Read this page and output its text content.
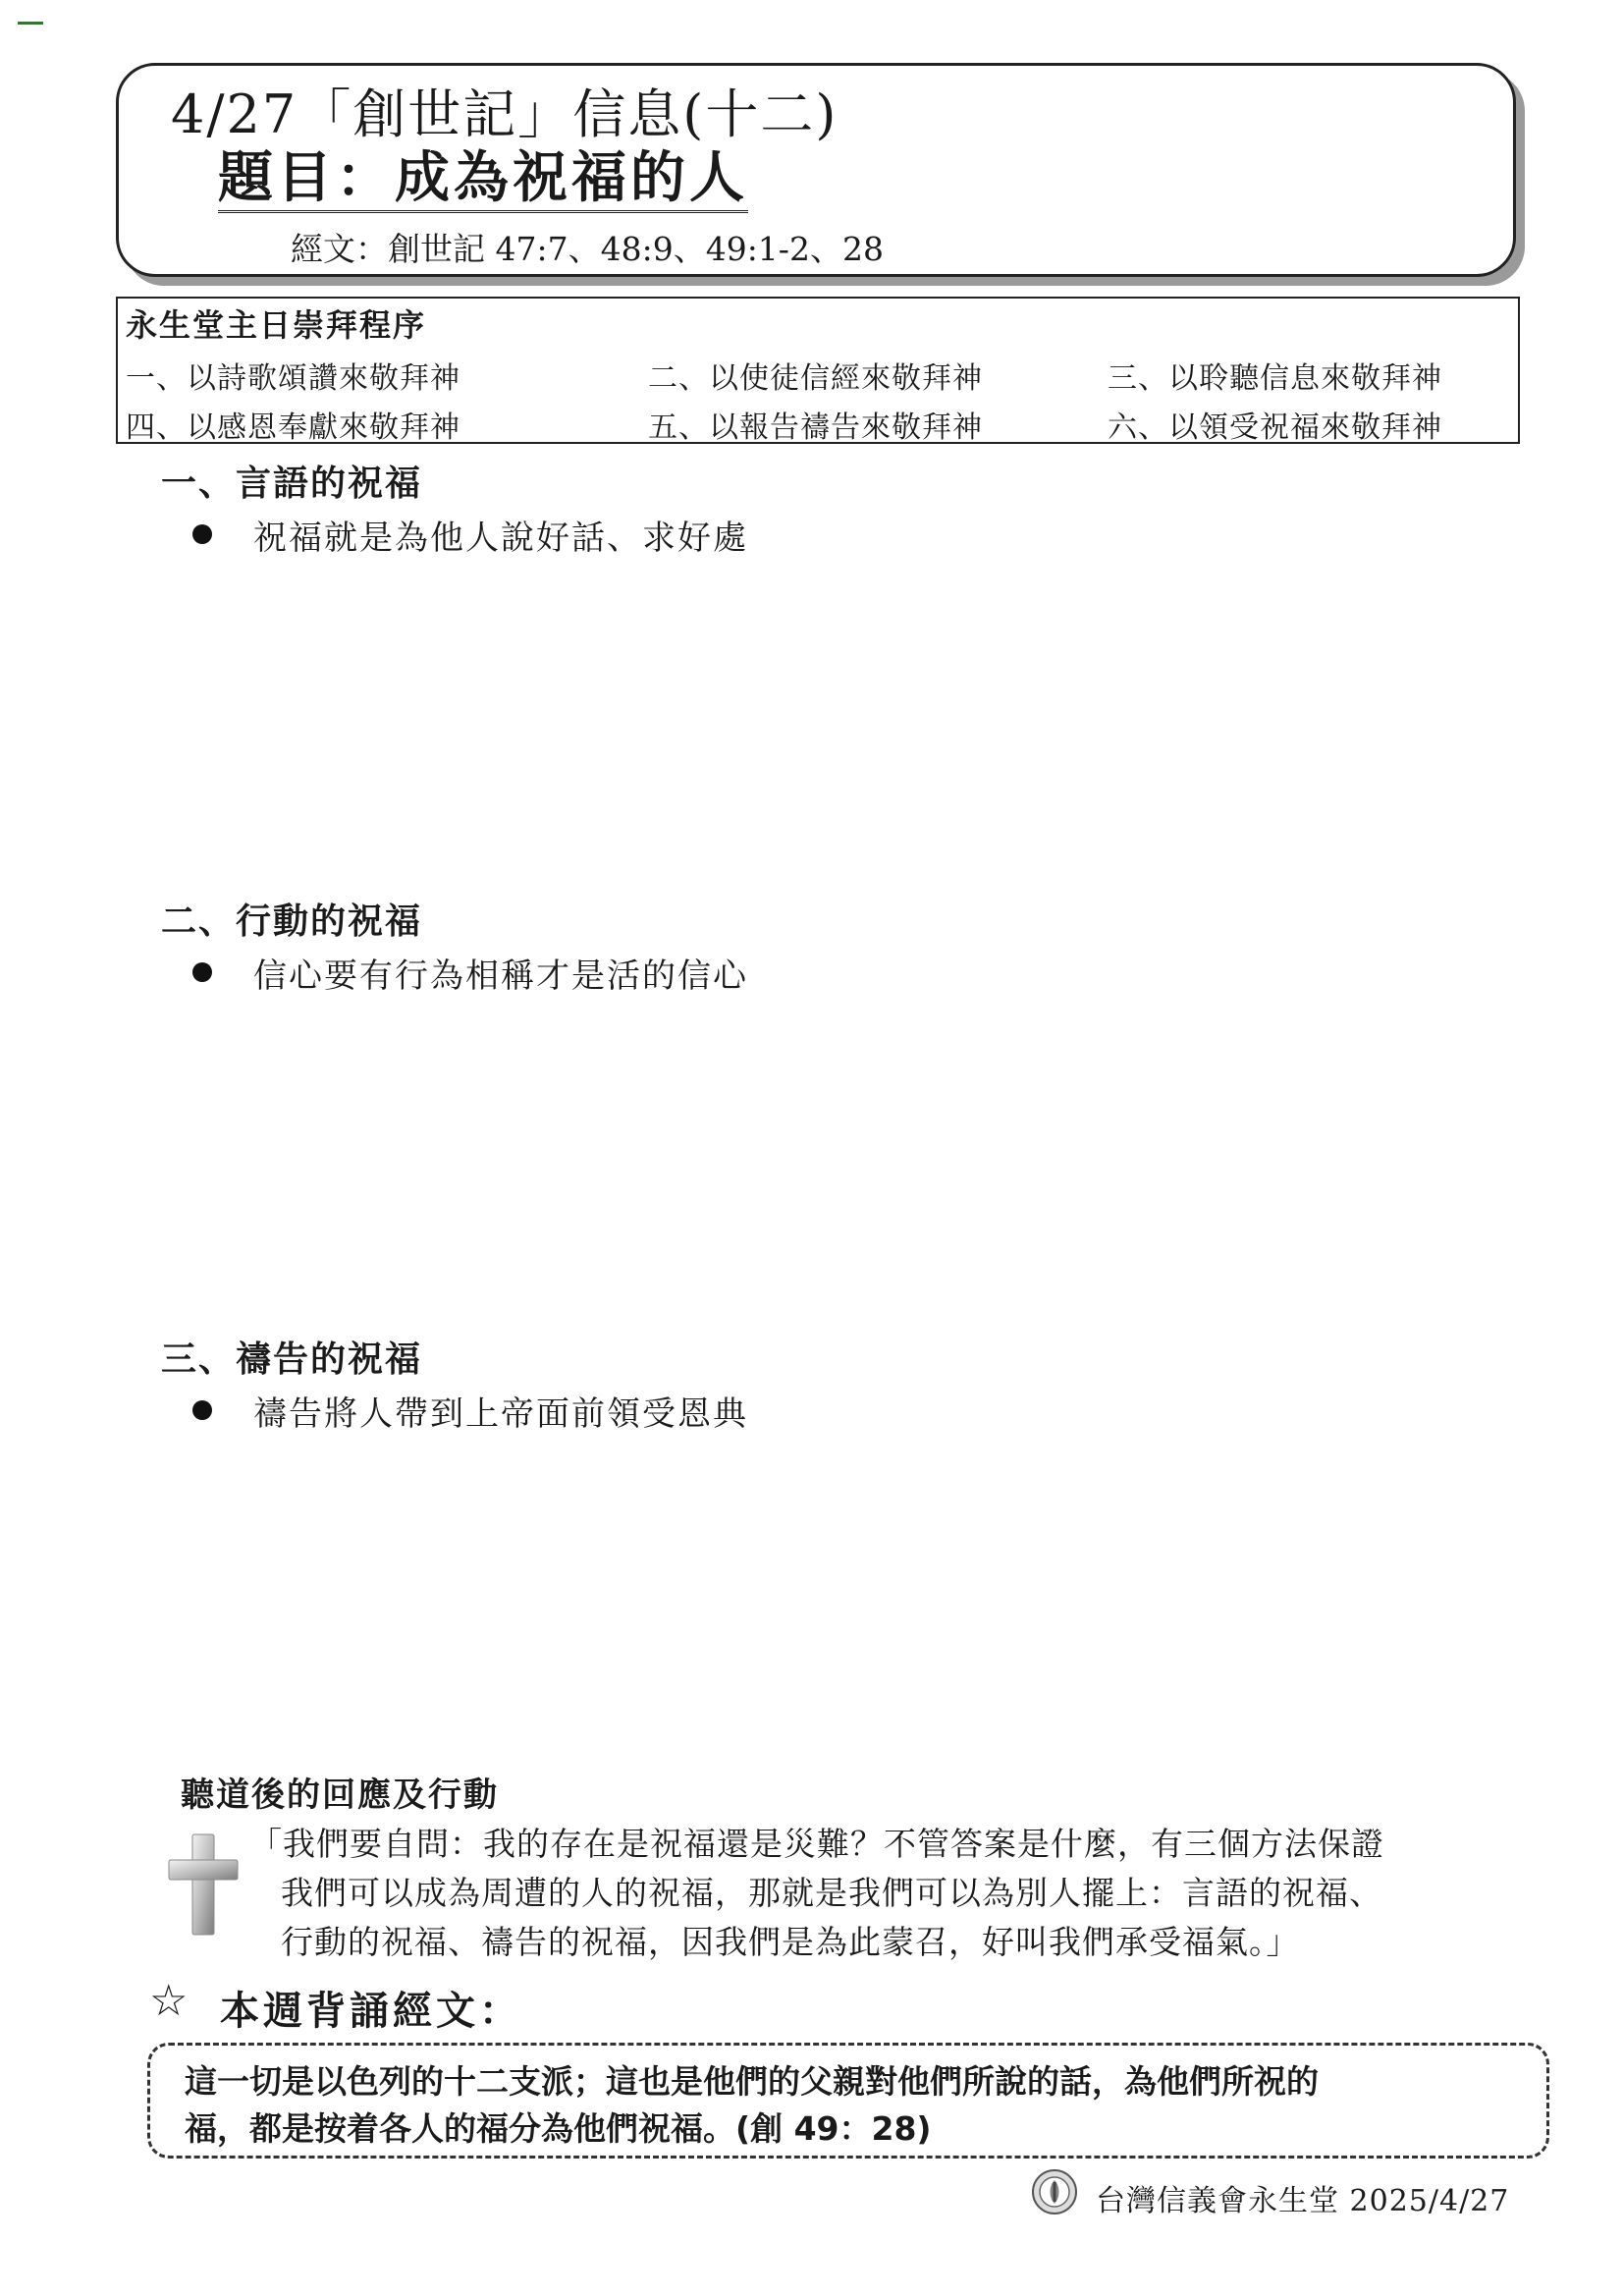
4/27「創世記」信息(十二)
題目：成為祝福的人
經文：創世記 47:7、48:9、49:1-2、28
永生堂主日崇拜程序
一、以詩歌頌讚來敬拜神	二、以使徒信經來敬拜神	三、以聆聽信息來敬拜神
四、以感恩奉獻來敬拜神	五、以報告禱告來敬拜神	六、以領受祝福來敬拜神
一、言語的祝福
祝福就是為他人說好話、求好處
二、行動的祝福
信心要有行為相稱才是活的信心
三、禱告的祝福
禱告將人帶到上帝面前領受恩典
聽道後的回應及行動
「我們要自問：我的存在是祝福還是災難？不管答案是什麼，有三個方法保證
我們可以成為周遭的人的祝福，那就是我們可以為別人擺上：言語的祝福、
行動的祝福、禱告的祝福，因我們是為此蒙召，好叫我們承受福氣。」
☆ 本週背誦經文：
這一切是以色列的十二支派；這也是他們的父親對他們所說的話，為他們所祝的
福，都是按着各人的福分為他們祝福。(創 49：28)
台灣信義會永生堂 2025/4/27
